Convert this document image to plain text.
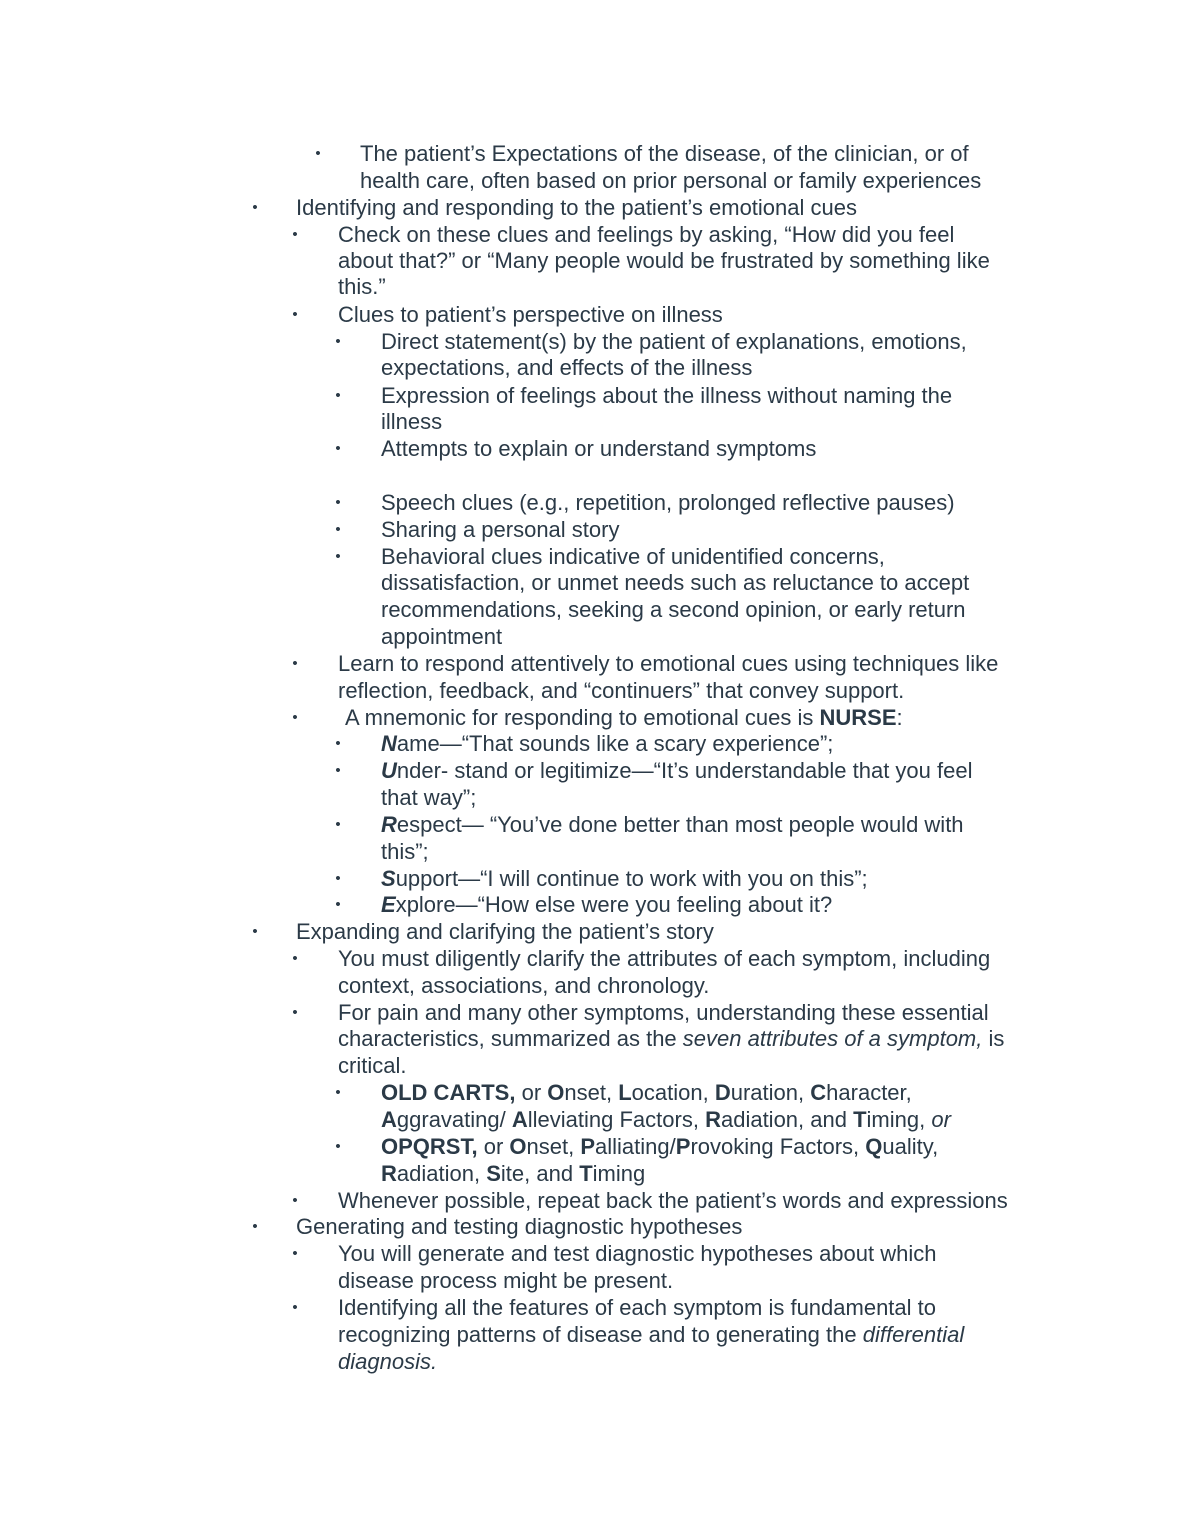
• The patient’s Expectations of the disease, of the clinician, or of
health care, often based on prior personal or family experiences
• Identifying and responding to the patient’s emotional cues
• Check on these clues and feelings by asking, “How did you feel
about that?” or “Many people would be frustrated by something like
this.”
• Clues to patient’s perspective on illness
• Direct statement(s) by the patient of explanations, emotions,
expectations, and effects of the illness
• Expression of feelings about the illness without naming the
illness
• Attempts to explain or understand symptoms
• Speech clues (e.g., repetition, prolonged reflective pauses)
• Sharing a personal story
• Behavioral clues indicative of unidentified concerns,
dissatisfaction, or unmet needs such as reluctance to accept
recommendations, seeking a second opinion, or early return
appointment
• Learn to respond attentively to emotional cues using techniques like
reflection, feedback, and “continuers” that convey support.
• A mnemonic for responding to emotional cues is NURSE:
• Name—“That sounds like a scary experience”;
• Under- stand or legitimize—“It’s understandable that you feel
that way”;
• Respect— “You’ve done better than most people would with
this”;
• Support—“I will continue to work with you on this”;
• Explore—“How else were you feeling about it?
• Expanding and clarifying the patient’s story
• You must diligently clarify the attributes of each symptom, including
context, associations, and chronology.
• For pain and many other symptoms, understanding these essential
characteristics, summarized as the seven attributes of a symptom, is
critical.
• OLD CARTS, or Onset, Location, Duration, Character,
Aggravating/ Alleviating Factors, Radiation, and Timing, or
• OPQRST, or Onset, Palliating/Provoking Factors, Quality,
Radiation, Site, and Timing
• Whenever possible, repeat back the patient’s words and expressions
• Generating and testing diagnostic hypotheses
• You will generate and test diagnostic hypotheses about which
disease process might be present.
• Identifying all the features of each symptom is fundamental to
recognizing patterns of disease and to generating the differential
diagnosis.
